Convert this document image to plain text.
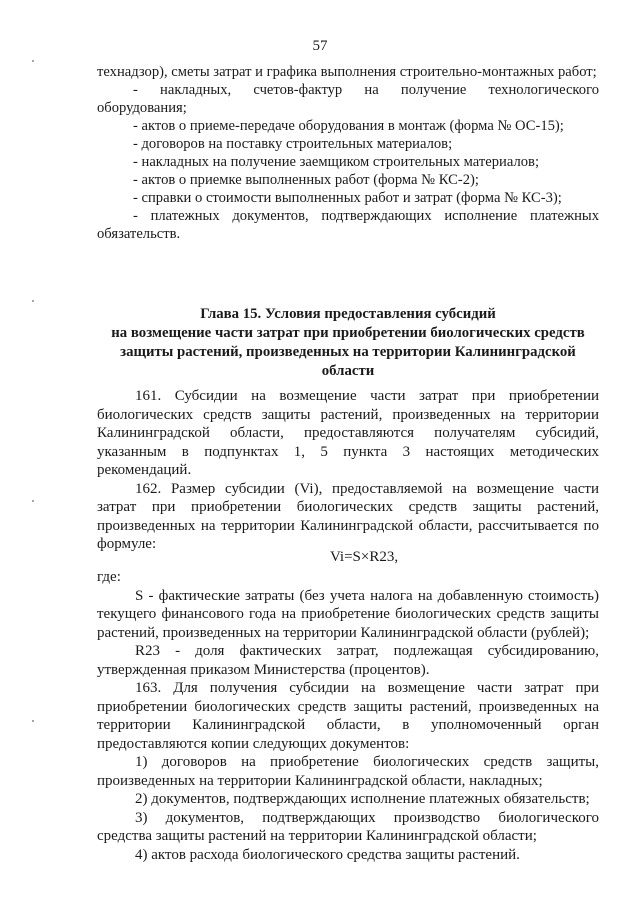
57

технадзор), сметы затрат и графика выполнения строительно-монтажных работ;

- накладных, счетов-фактур на получение технологического оборудования;

- актов о приеме-передаче оборудования в монтаж (форма № ОС-15);

- договоров на поставку строительных материалов;

- накладных на получение заемщиком строительных материалов;

- актов о приемке выполненных работ (форма № КС-2);

- справки о стоимости выполненных работ и затрат (форма № КС-3);

- платежных документов, подтверждающих исполнение платежных обязательств.

Глава 15. Условия предоставления субсидий

на возмещение части затрат при приобретении биологических средств

защиты растений, произведенных на территории Калининградской

области

161. Субсидии на возмещение части затрат при приобретении биологических средств защиты растений, произведенных на территории Калининградской области, предоставляются получателям субсидий, указанным в подпунктах 1, 5 пункта 3 настоящих методических рекомендаций.

162. Размер субсидии (Vi), предоставляемой на возмещение части затрат при приобретении биологических средств защиты растений, произведенных на территории Калининградской области, рассчитывается по формуле:

Vi=S×R23,

где:

S - фактические затраты (без учета налога на добавленную стоимость) текущего финансового года на приобретение биологических средств защиты растений, произведенных на территории Калининградской области (рублей);

R23 - доля фактических затрат, подлежащая субсидированию, утвержденная приказом Министерства (процентов).

163. Для получения субсидии на возмещение части затрат при приобретении биологических средств защиты растений, произведенных на территории Калининградской области, в уполномоченный орган предоставляются копии следующих документов:

1) договоров на приобретение биологических средств защиты, произведенных на территории Калининградской области, накладных;

2) документов, подтверждающих исполнение платежных обязательств;

3) документов, подтверждающих производство биологического средства защиты растений на территории Калининградской области;

4) актов расхода биологического средства защиты растений.
